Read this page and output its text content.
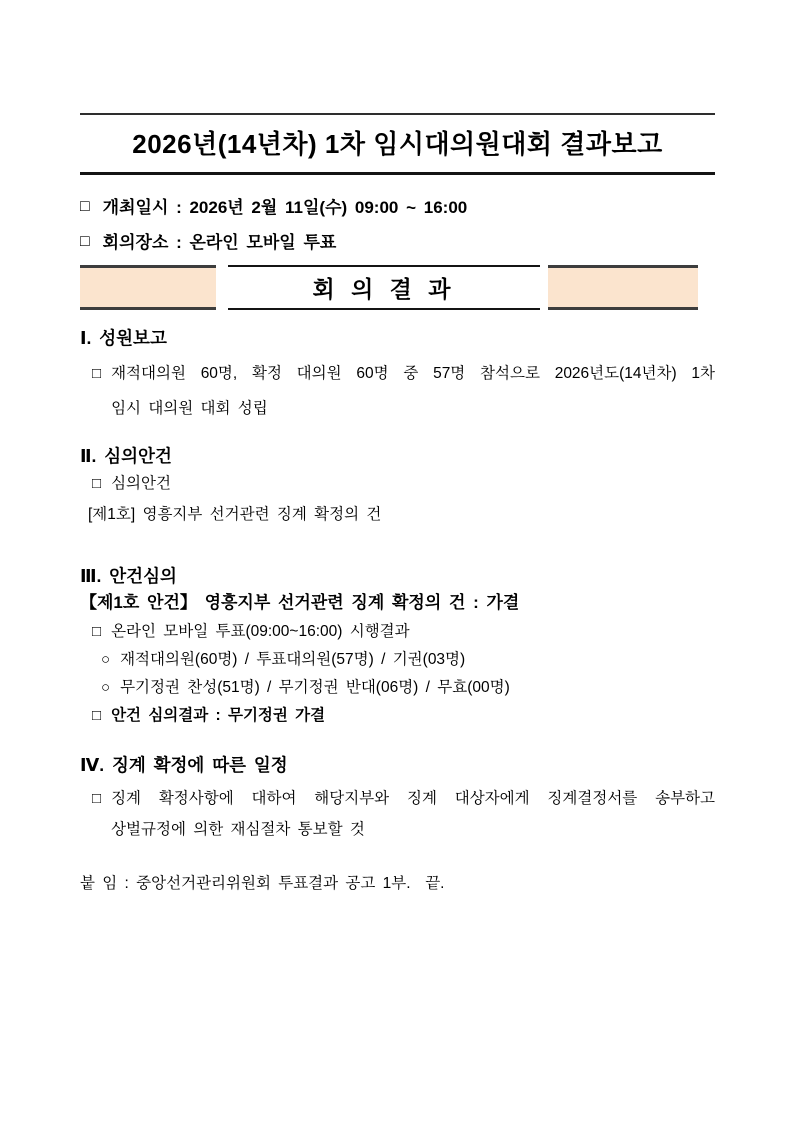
2026년(14년차) 1차 임시대의원대회 결과보고
□ 개최일시 : 2026년 2월 11일(수) 09:00 ~ 16:00
□ 회의장소 : 온라인 모바일 투표
회 의 결 과
Ⅰ. 성원보고
□ 재적대의원 60명, 확정 대의원 60명 중 57명 참석으로 2026년도(14년차) 1차
임시 대의원 대회 성립
Ⅱ. 심의안건
□ 심의안건
[제1호] 영흥지부 선거관련 징계 확정의 건
Ⅲ. 안건심의
【제1호 안건】 영흥지부 선거관련 징계 확정의 건 : 가결
□ 온라인 모바일 투표(09:00~16:00) 시행결과
○ 재적대의원(60명) / 투표대의원(57명) / 기권(03명)
○ 무기정권 찬성(51명) / 무기정권 반대(06명) / 무효(00명)
□ 안건 심의결과 : 무기정권 가결
Ⅳ. 징계 확정에 따른 일정
□ 징계 확정사항에 대하여 해당지부와 징계 대상자에게 징계결정서를 송부하고
상벌규정에 의한 재심절차 통보할 것
붙 임 : 중앙선거관리위원회 투표결과 공고 1부.  끝.
